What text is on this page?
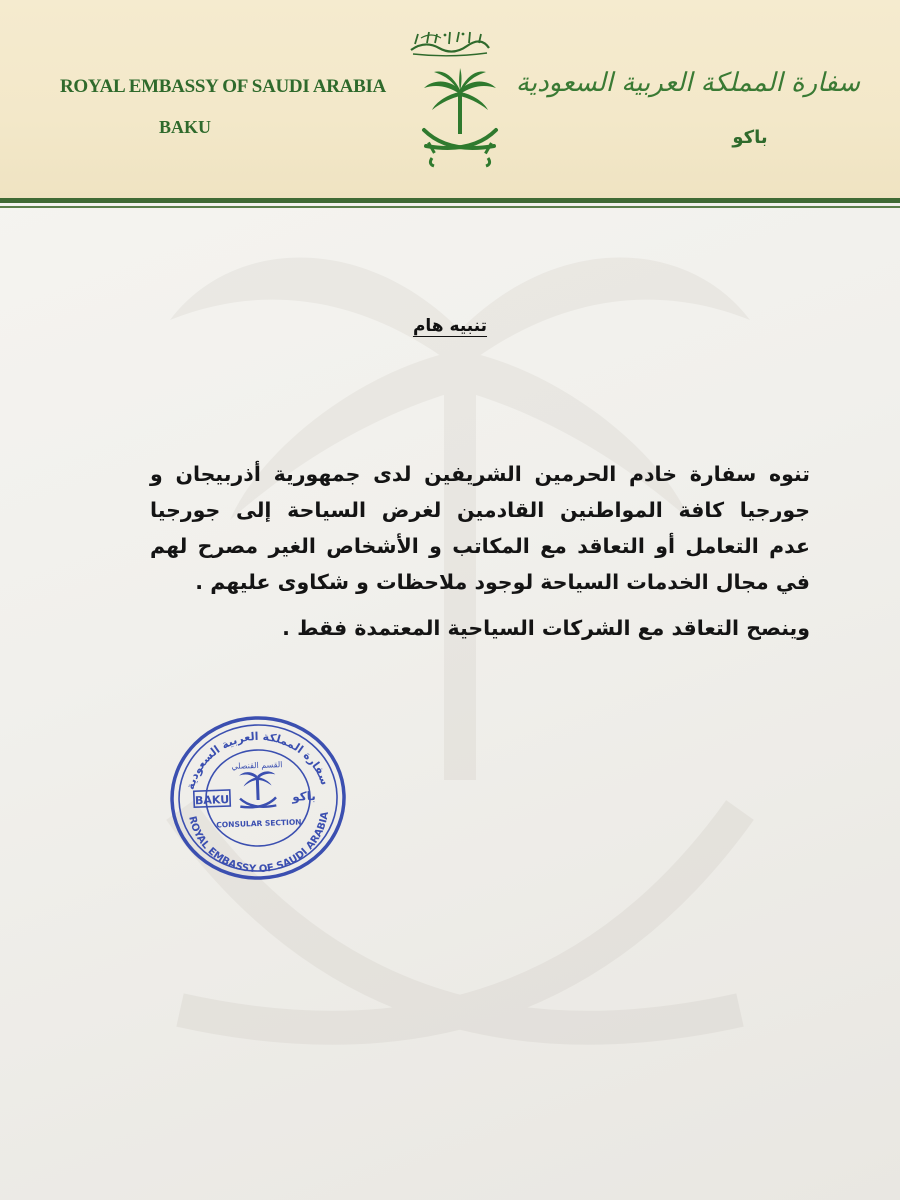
ROYAL EMBASSY OF SAUDI ARABIA
BAKU
سفارة المملكة العربية السعودية
باكو
تنبيه هام
تنوه سفارة خادم الحرمين الشريفين لدى جمهورية أذربيجان و
جورجيا كافة المواطنين القادمين لغرض السياحة إلى جورجيا
عدم التعامل أو التعاقد مع المكاتب و الأشخاص الغير مصرح لهم
في مجال الخدمات السياحة لوجود ملاحظات و شكاوى عليهم .
وينصح التعاقد مع الشركات السياحية المعتمدة فقط .
سفارة المملكة العربية السعودية
القسم القنصلي
BAKU	باكو
CONSULAR SECTION
ROYAL EMBASSY OF SAUDI ARABIA
